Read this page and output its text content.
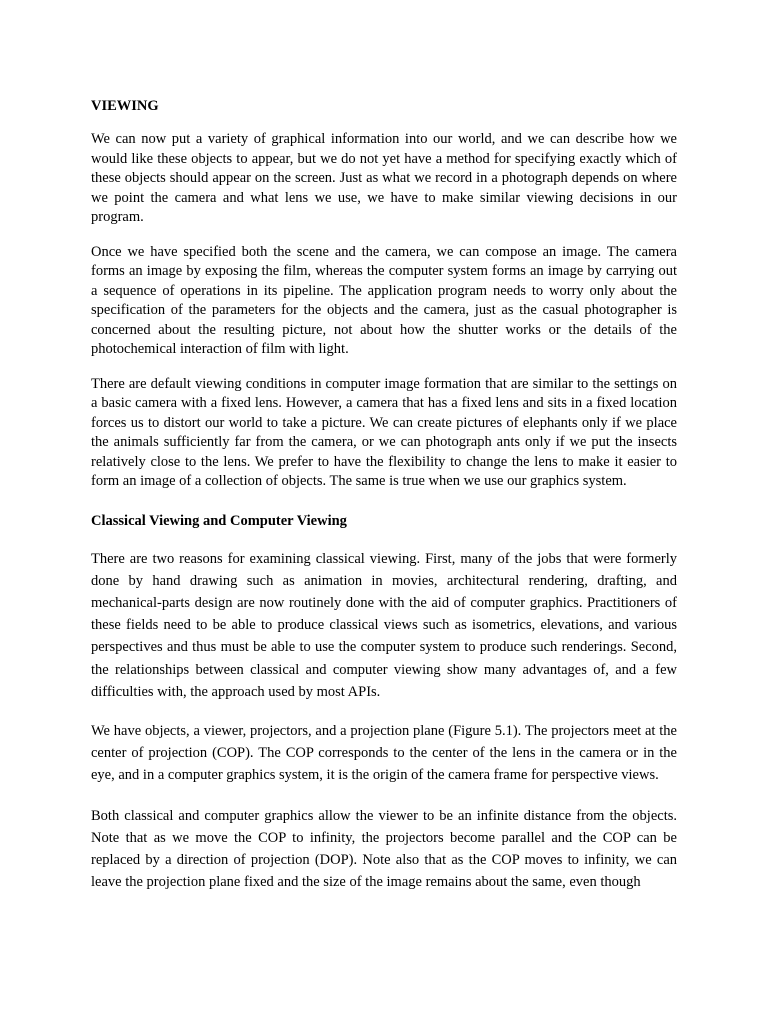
VIEWING

We can now put a variety of graphical information into our world, and we can describe how we would like these objects to appear, but we do not yet have a method for specifying exactly which of these objects should appear on the screen. Just as what we record in a photograph depends on where we point the camera and what lens we use, we have to make similar viewing decisions in our program.

Once we have specified both the scene and the camera, we can compose an image. The camera forms an image by exposing the film, whereas the computer system forms an image by carrying out a sequence of operations in its pipeline. The application program needs to worry only about the specification of the parameters for the objects and the camera, just as the casual photographer is concerned about the resulting picture, not about how the shutter works or the details of the photochemical interaction of film with light.

There are default viewing conditions in computer image formation that are similar to the settings on a basic camera with a fixed lens. However, a camera that has a fixed lens and sits in a fixed location forces us to distort our world to take a picture. We can create pictures of elephants only if we place the animals sufficiently far from the camera, or we can photograph ants only if we put the insects relatively close to the lens. We prefer to have the flexibility to change the lens to make it easier to form an image of a collection of objects. The same is true when we use our graphics system.

Classical Viewing and Computer Viewing

There are two reasons for examining classical viewing. First, many of the jobs that were formerly done by hand drawing such as animation in movies, architectural rendering, drafting, and mechanical-parts design are now routinely done with the aid of computer graphics. Practitioners of these fields need to be able to produce classical views such as isometrics, elevations, and various perspectives and thus must be able to use the computer system to produce such renderings. Second, the relationships between classical and computer viewing show many advantages of, and a few difficulties with, the approach used by most APIs.

We have objects, a viewer, projectors, and a projection plane (Figure 5.1). The projectors meet at the center of projection (COP). The COP corresponds to the center of the lens in the camera or in the eye, and in a computer graphics system, it is the origin of the camera frame for perspective views.

Both classical and computer graphics allow the viewer to be an infinite distance from the objects. Note that as we move the COP to infinity, the projectors become parallel and the COP can be replaced by a direction of projection (DOP). Note also that as the COP moves to infinity, we can leave the projection plane fixed and the size of the image remains about the same, even though
